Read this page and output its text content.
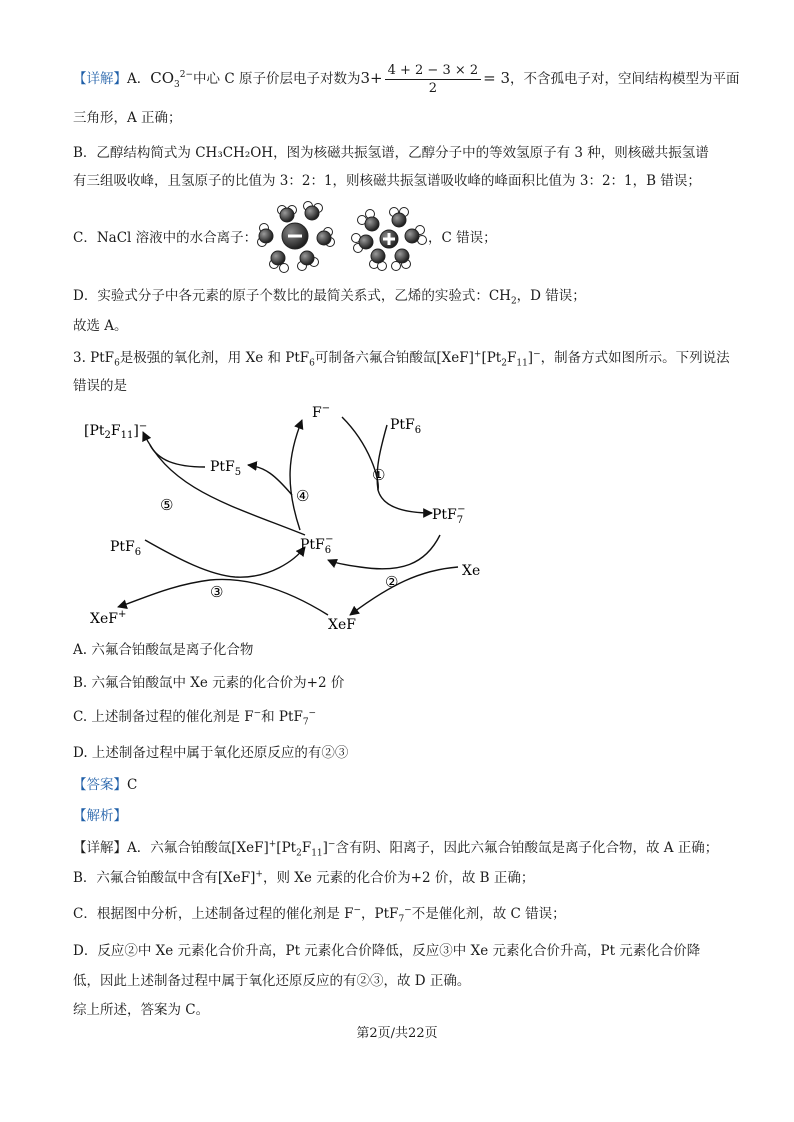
【详解】A．$CO_3^{2-}$中心 C 原子价层电子对数为$3+ \frac{4 + 2 - 3 \times 2}{2} = 3$，不含孤电子对，空间结构模型为平面
三角形，A 正确；
B．乙醇结构简式为 CH₃CH₂OH，图为核磁共振氢谱，乙醇分子中的等效氢原子有 3 种，则核磁共振氢谱
有三组吸收峰，且氢原子的比值为 3：2：1，则核磁共振氢谱吸收峰的峰面积比值为 3：2：1，B 错误；
C．NaCl 溶液中的水合离子：	，C 错误；
D．实验式分子中各元素的原子个数比的最简关系式，乙烯的实验式：$CH_2$，D 错误；
故选 A。
3. PtF$_6$是极强的氧化剂，用 Xe 和 PtF$_6$可制备六氟合铂酸氙$[XeF]^+[Pt_2F_{11}]^-$，制备方式如图所示。下列说法
错误的是
$[Pt_2F_{11}]^-$
F−
PtF$_6$
PtF$_5$
PtF$_7$−
PtF$_6$−
PtF$_6$
Xe
XeF+
XeF
①
②
③
④
⑤
A. 六氟合铂酸氙是离子化合物
B. 六氟合铂酸氙中 Xe 元素的化合价为+2 价
C. 上述制备过程的催化剂是 F−和 PtF$_7$−
D. 上述制备过程中属于氧化还原反应的有②③
【答案】C
【解析】
【详解】A．六氟合铂酸氙$[XeF]^+[Pt_2F_{11}]^-$含有阴、阳离子，因此六氟合铂酸氙是离子化合物，故 A 正确；
B．六氟合铂酸氙中含有[XeF]+，则 Xe 元素的化合价为+2 价，故 B 正确；
C．根据图中分析，上述制备过程的催化剂是 F−，PtF$_7$−不是催化剂，故 C 错误；
D．反应②中 Xe 元素化合价升高，Pt 元素化合价降低，反应③中 Xe 元素化合价升高，Pt 元素化合价降
低，因此上述制备过程中属于氧化还原反应的有②③，故 D 正确。
综上所述，答案为 C。
第2页/共22页
